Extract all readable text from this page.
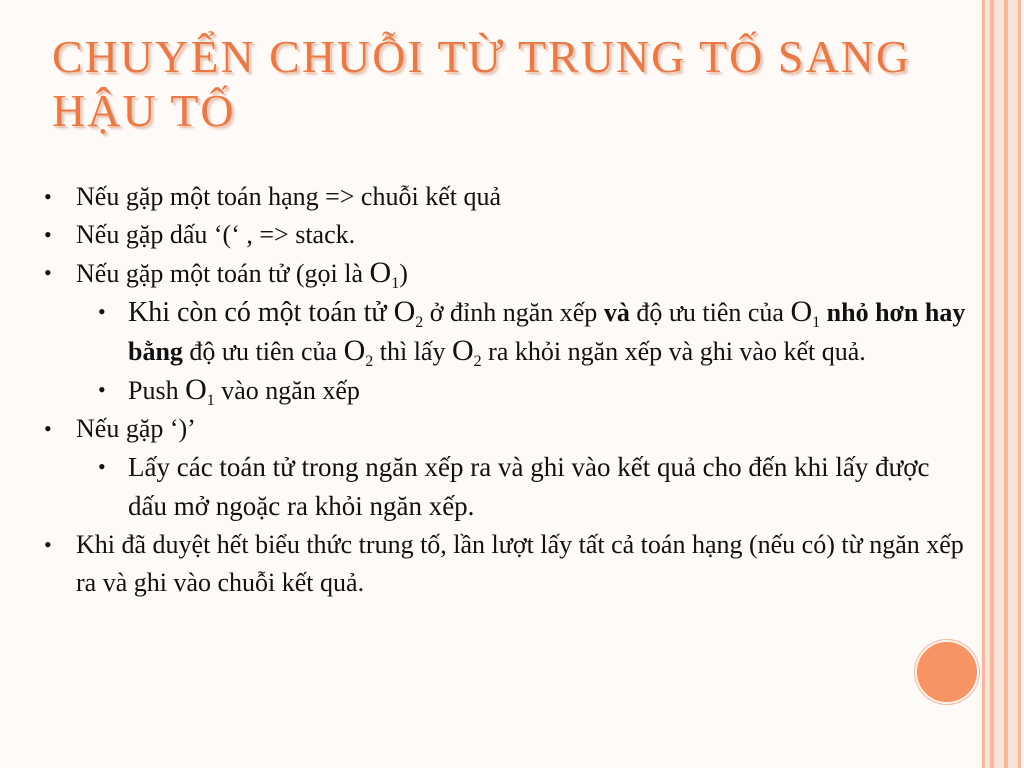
CHUYỂN CHUỖI TỪ TRUNG TỐ SANG HẬU TỐ
• Nếu gặp một toán hạng => chuỗi kết quả
• Nếu gặp dấu ‘(‘ , => stack.
• Nếu gặp một toán tử (gọi là $O_1$)
• Khi còn có một toán tử $O_2$ ở đỉnh ngăn xếp và độ ưu tiên của $O_1$ nhỏ hơn hay bằng độ ưu tiên của $O_2$ thì lấy $O_2$ ra khỏi ngăn xếp và ghi vào kết quả.
• Push $O_1$ vào ngăn xếp
• Nếu gặp ‘)’
• Lấy các toán tử trong ngăn xếp ra và ghi vào kết quả cho đến khi lấy được dấu mở ngoặc ra khỏi ngăn xếp.
• Khi đã duyệt hết biểu thức trung tố, lần lượt lấy tất cả toán hạng (nếu có) từ ngăn xếp ra và ghi vào chuỗi kết quả.
